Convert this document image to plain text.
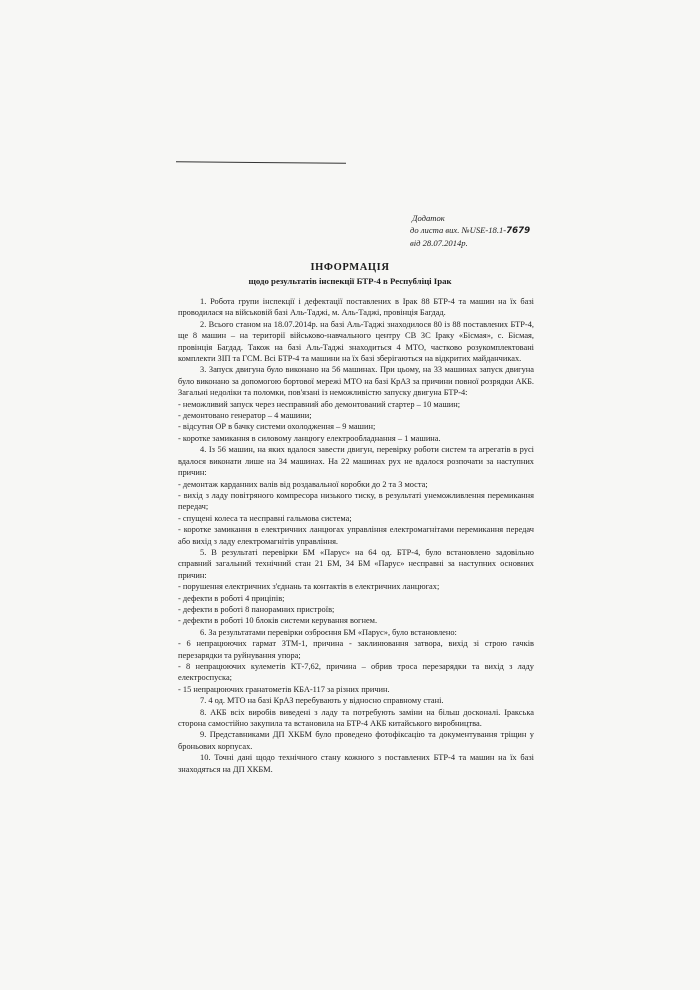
Додаток
до листа вих. №USE-18.1-7679
від 28.07.2014р.
ІНФОРМАЦІЯ
щодо результатів інспекції БТР-4 в Республіці Ірак

1. Робота групи інспекції і дефектації поставлених в Ірак 88 БТР-4 та машин на їх базі проводилася на військовій базі Аль-Таджі, м. Аль-Таджі, провінція Багдад.

2. Всього станом на 18.07.2014р. на базі Аль-Таджі знаходилося 80 із 88 поставлених БТР-4, ще 8 машин – на території військово-навчального центру СВ ЗС Іраку «Бісмая», с. Бісмая, провінція Багдад. Також на базі Аль-Таджі знаходиться 4 МТО, частково розукомплектовані комплекти ЗІП та ГСМ. Всі БТР-4 та машини на їх базі зберігаються на відкритих майданчиках.

3. Запуск двигуна було виконано на 56 машинах. При цьому, на 33 машинах запуск двигуна було виконано за допомогою бортової мережі МТО на базі КрАЗ за причини повної розрядки АКБ. Загальні недоліки та поломки, пов'язані із неможливістю запуску двигуна БТР-4:

- неможливий запуск через несправний або демонтований стартер – 10 машин;

- демонтовано генератор – 4 машини;

- відсутня ОР в бачку системи охолодження – 9 машин;

- коротке замикання в силовому ланцюгу електрообладнання – 1 машина.

4. Із 56 машин, на яких вдалося завести двигун, перевірку роботи систем та агрегатів в русі вдалося виконати лише на 34 машинах. На 22 машинах рух не вдалося розпочати за наступних причин:

- демонтаж карданних валів від роздавальної коробки до 2 та 3 моста;

- вихід з ладу повітряного компресора низького тиску, в результаті унеможливлення перемикання передач;

- спущені колеса та несправні гальмова система;

- коротке замикання в електричних ланцюгах управління електромагнітами перемикання передач або вихід з ладу електромагнітів управління.

5. В результаті перевірки БМ «Парус» на 64 од. БТР-4, було встановлено задовільно справний загальний технічний стан 21 БМ, 34 БМ «Парус» несправні за наступних основних причин:

- порушення електричних з'єднань та контактів в електричних ланцюгах;

- дефекти в роботі 4 приціпів;

- дефекти в роботі 8 панорамних пристроїв;

- дефекти в роботі 10 блоків системи керування вогнем.

6. За результатами перевірки озброєння БМ «Парус», було встановлено:

- 6 непрацюючих гармат ЗТМ-1, причина - заклинювання затвора, вихід зі строю гачків перезарядки та руйнування упора;

- 8 непрацюючих кулеметів КТ-7,62, причина – обрив троса перезарядки та вихід з ладу електроспуска;

- 15 непрацюючих гранатометів КБА-117 за різних причин.

7. 4 од. МТО на базі КрАЗ перебувають у відносно справному стані.

8. АКБ всіх виробів виведені з ладу та потребують заміни на більш досконалі. Іракська сторона самостійно закупила та встановила на БТР-4 АКБ китайського виробництва.

9. Представниками ДП ХКБМ було проведено фотофіксацію та документування тріщин у броньових корпусах.

10. Точні дані щодо технічного стану кожного з поставлених БТР-4 та машин на їх базі знаходяться на ДП ХКБМ.
